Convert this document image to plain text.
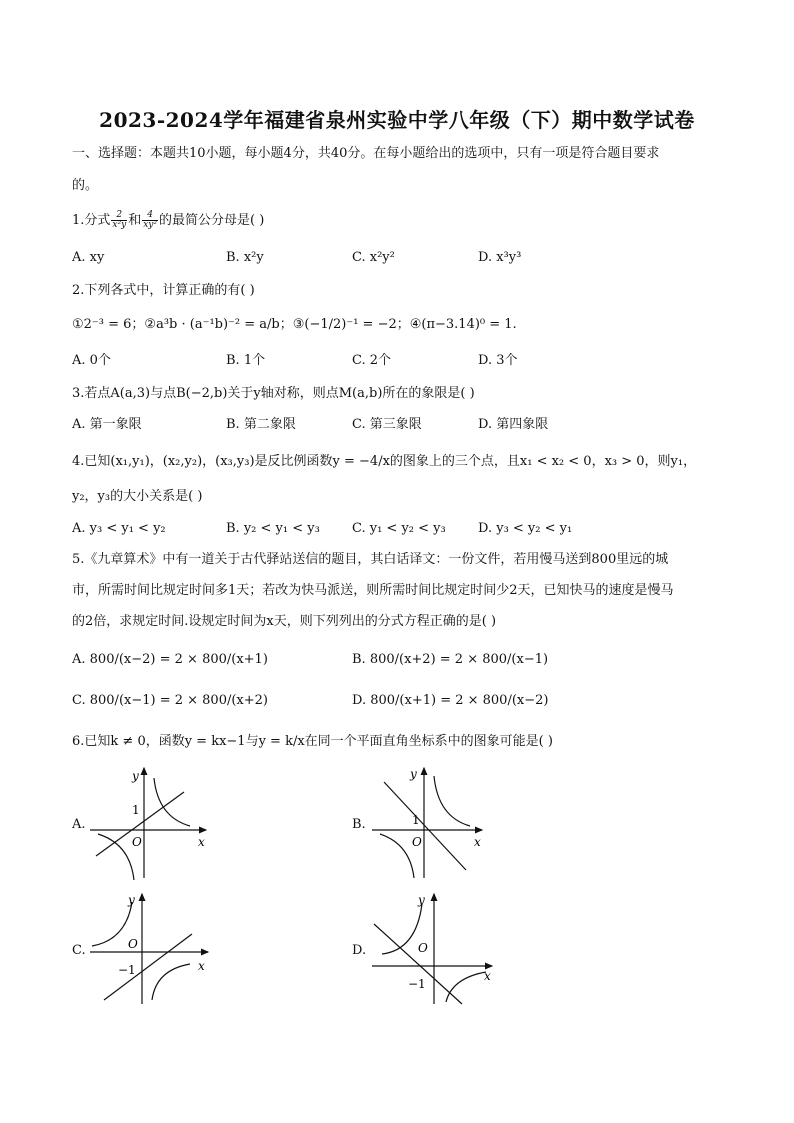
2023-2024学年福建省泉州实验中学八年级（下）期中数学试卷
一、选择题：本题共10小题，每小题4分，共40分。在每小题给出的选项中，只有一项是符合题目要求
的。
1.分式 $\frac{2}{\text{x²y}}$ 和 $\frac{4}{\text{xy²}}$ 的最简公分母是( )
A. xy	B. x²y	C. x²y²	D. x³y³
2.下列各式中，计算正确的有( )
①2⁻³ = 6；②a³b · (a⁻¹b)⁻² = a/b；③(−1/2)⁻¹ = −2；④(π−3.14)⁰ = 1.
A. 0个	B. 1个	C. 2个	D. 3个
3.若点A(a,3)与点B(−2,b)关于y轴对称，则点M(a,b)所在的象限是( )
A. 第一象限	B. 第二象限	C. 第三象限	D. 第四象限
4.已知(x₁,y₁)，(x₂,y₂)，(x₃,y₃)是反比例函数y = −4/x的图象上的三个点，且x₁ < x₂ < 0，x₃ > 0，则y₁，
y₂，y₃的大小关系是( )
A. y₃ < y₁ < y₂	B. y₂ < y₁ < y₃ C. y₁ < y₂ < y₃ D. y₃ < y₂ < y₁
5.《九章算术》中有一道关于古代驿站送信的题目，其白话译文：一份文件，若用慢马送到800里远的城
市，所需时间比规定时间多1天；若改为快马派送，则所需时间比规定时间少2天，已知快马的速度是慢马
的2倍，求规定时间.设规定时间为x天，则下列列出的分式方程正确的是( )
A. 800/(x−2) = 2 × 800/(x+1)	B. 800/(x+2) = 2 × 800/(x−1)
C. 800/(x−1) = 2 × 800/(x+2)	D. 800/(x+1) = 2 × 800/(x−2)
6.已知k ≠ 0，函数y = kx−1与y = k/x在同一个平面直角坐标系中的图象可能是( )
A.
y
x
O
1
B.
y
x
O
1
C.
y
x
O
−1
D.
y
x
O
−1
